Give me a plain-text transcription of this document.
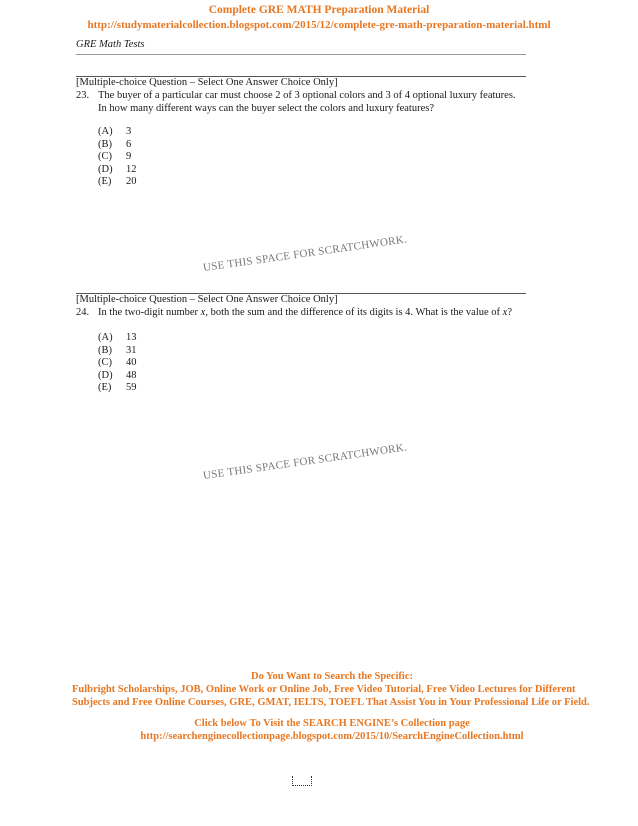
Complete GRE MATH Preparation Material
http://studymaterialcollection.blogspot.com/2015/12/complete-gre-math-preparation-material.html
GRE Math Tests
[Multiple-choice Question – Select One Answer Choice Only]
23. The buyer of a particular car must choose 2 of 3 optional colors and 3 of 4 optional luxury features.
In how many different ways can the buyer select the colors and luxury features?
(A)	3
(B)	6
(C)	9
(D)	12
(E)	20
USE THIS SPACE FOR SCRATCHWORK.
[Multiple-choice Question – Select One Answer Choice Only]
24. In the two-digit number x, both the sum and the difference of its digits is 4. What is the value of x?
(A)	13
(B)	31
(C)	40
(D)	48
(E)	59
USE THIS SPACE FOR SCRATCHWORK.
Do You Want to Search the Specific:
Fulbright Scholarships, JOB, Online Work or Online Job, Free Video Tutorial, Free Video Lectures for Different Subjects and Free Online Courses, GRE, GMAT, IELTS, TOEFL That Assist You in Your Professional Life or Field.
Click below To Visit the SEARCH ENGINE’s Collection page
http://searchenginecollectionpage.blogspot.com/2015/10/SearchEngineCollection.html
